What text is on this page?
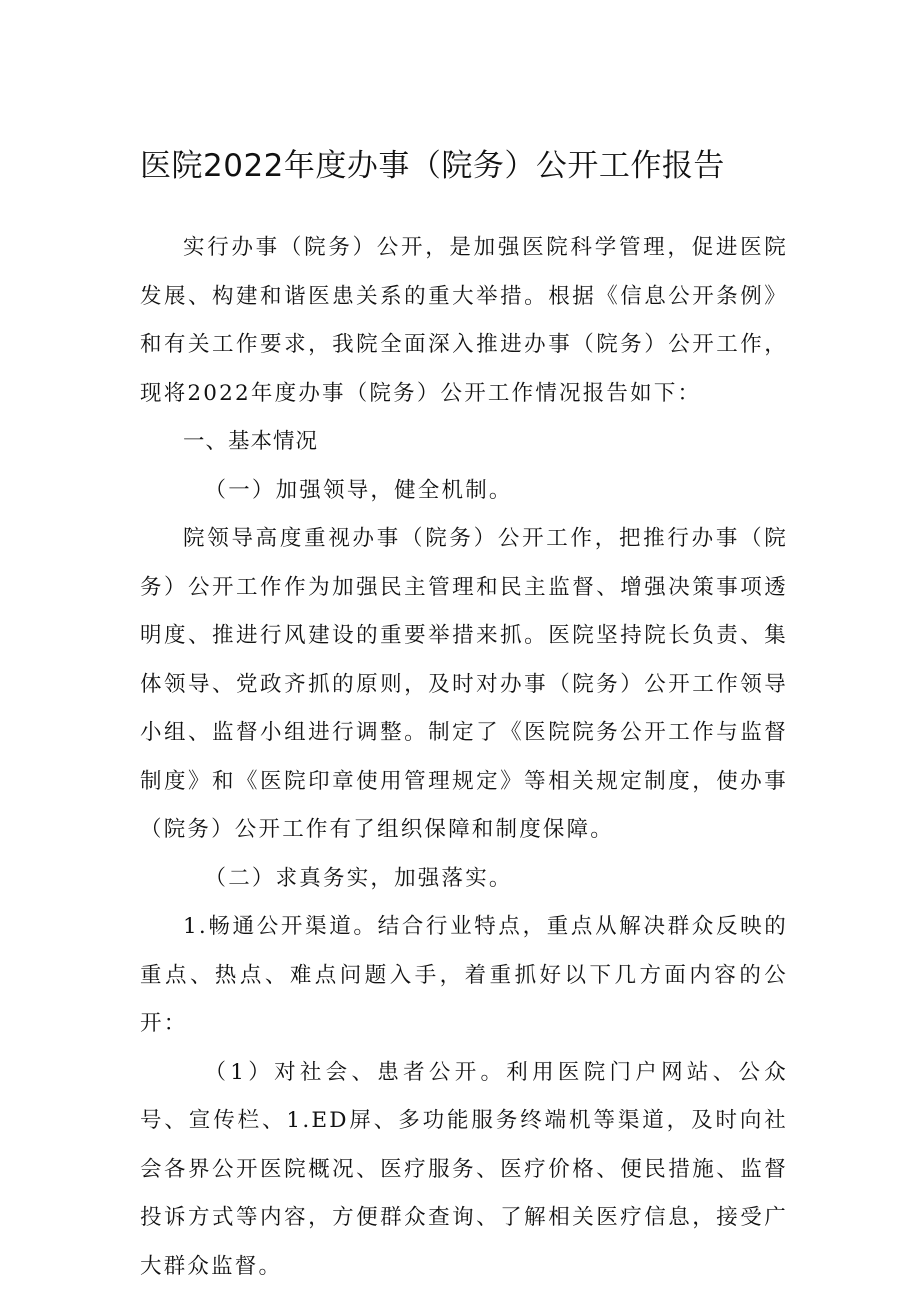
医院2022年度办事（院务）公开工作报告

实行办事（院务）公开，是加强医院科学管理，促进医院发展、构建和谐医患关系的重大举措。根据《信息公开条例》和有关工作要求，我院全面深入推进办事（院务）公开工作，现将2022年度办事（院务）公开工作情况报告如下：

一、基本情况

（一）加强领导，健全机制。

院领导高度重视办事（院务）公开工作，把推行办事（院务）公开工作作为加强民主管理和民主监督、增强决策事项透明度、推进行风建设的重要举措来抓。医院坚持院长负责、集体领导、党政齐抓的原则，及时对办事（院务）公开工作领导小组、监督小组进行调整。制定了《医院院务公开工作与监督制度》和《医院印章使用管理规定》等相关规定制度，使办事（院务）公开工作有了组织保障和制度保障。

（二）求真务实，加强落实。

1.畅通公开渠道。结合行业特点，重点从解决群众反映的重点、热点、难点问题入手，着重抓好以下几方面内容的公开：

（1）对社会、患者公开。利用医院门户网站、公众号、宣传栏、1.ED屏、多功能服务终端机等渠道，及时向社会各界公开医院概况、医疗服务、医疗价格、便民措施、监督投诉方式等内容，方便群众查询、了解相关医疗信息，接受广大群众监督。
